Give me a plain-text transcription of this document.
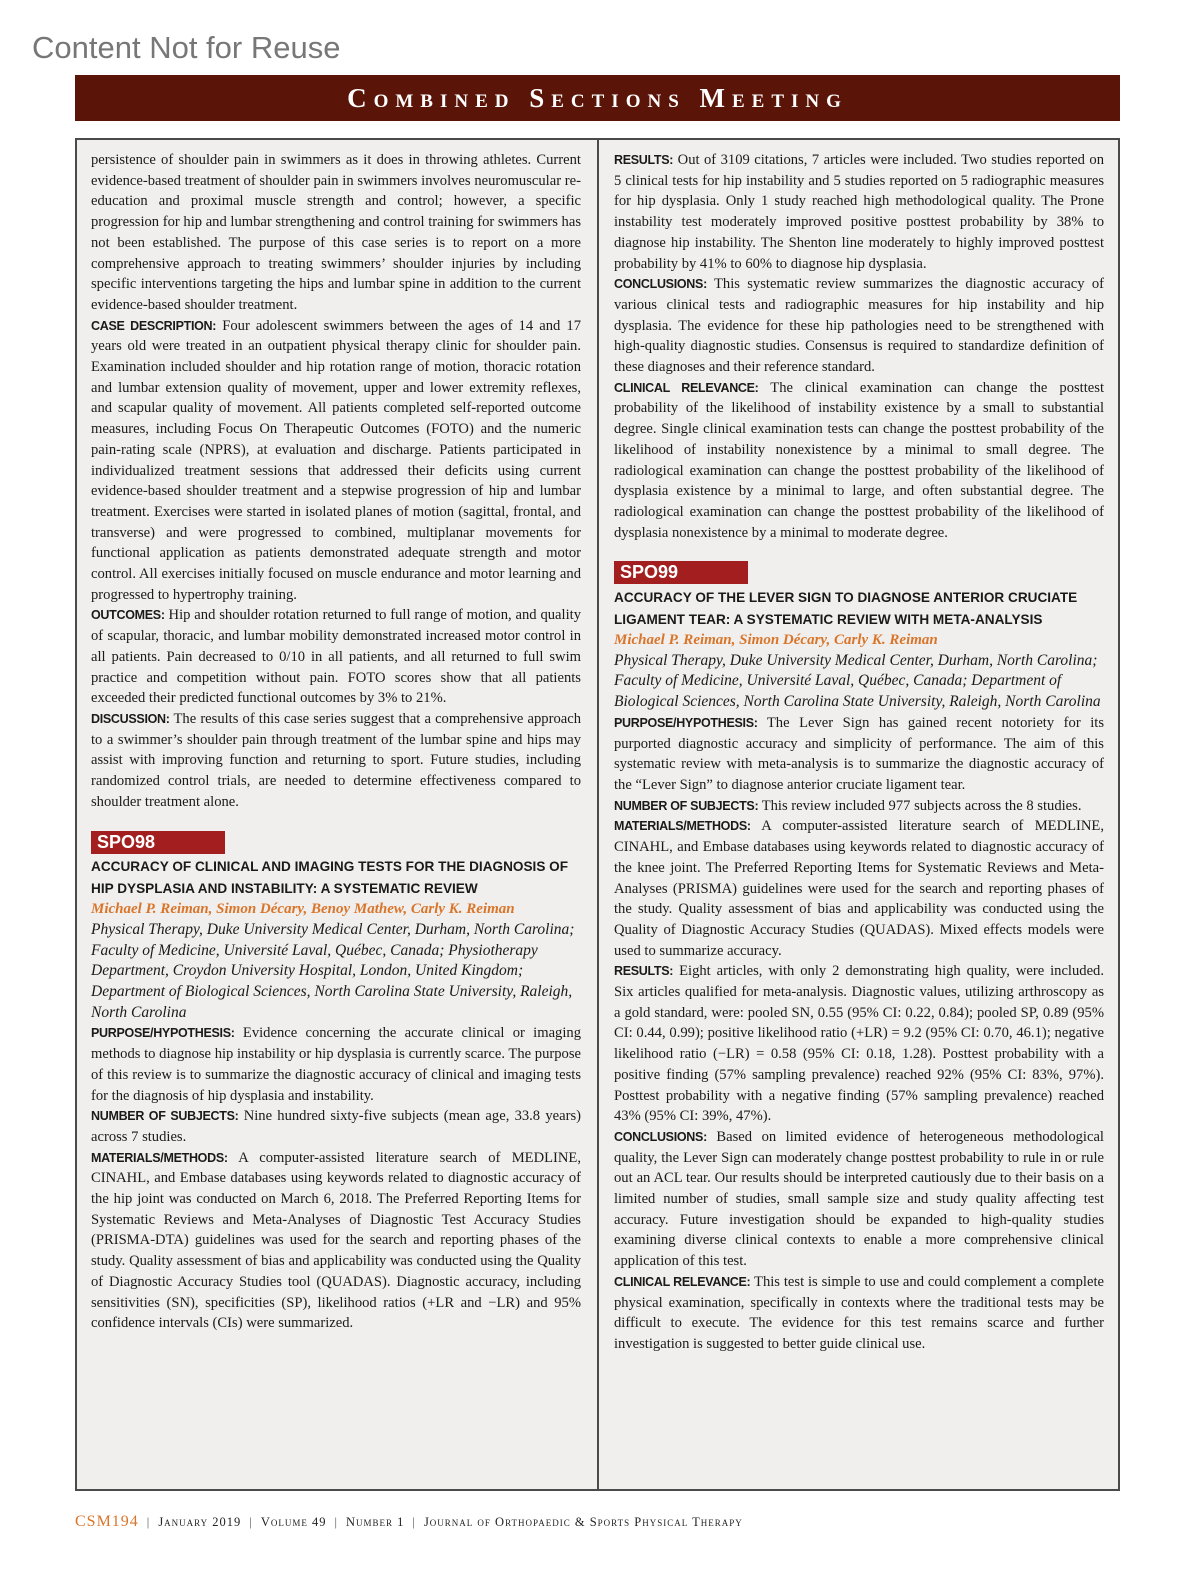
Content Not for Reuse
Combined Sections Meeting

persistence of shoulder pain in swimmers as it does in throwing athletes. Current evidence-based treatment of shoulder pain in swimmers involves neuromuscular re-education and proximal muscle strength and control; however, a specific progression for hip and lumbar strengthening and control training for swimmers has not been established. The purpose of this case series is to report on a more comprehensive approach to treating swimmers’ shoulder injuries by including specific interventions targeting the hips and lumbar spine in addition to the current evidence-based shoulder treatment.

CASE DESCRIPTION: Four adolescent swimmers between the ages of 14 and 17 years old were treated in an outpatient physical therapy clinic for shoulder pain. Examination included shoulder and hip rotation range of motion, thoracic rotation and lumbar extension quality of movement, upper and lower extremity reflexes, and scapular quality of movement. All patients completed self-reported outcome measures, including Focus On Therapeutic Outcomes (FOTO) and the numeric pain-rating scale (NPRS), at evaluation and discharge. Patients participated in individualized treatment sessions that addressed their deficits using current evidence-based shoulder treatment and a stepwise progression of hip and lumbar treatment. Exercises were started in isolated planes of motion (sagittal, frontal, and transverse) and were progressed to combined, multiplanar movements for functional application as patients demonstrated adequate strength and motor control. All exercises initially focused on muscle endurance and motor learning and progressed to hypertrophy training.

OUTCOMES: Hip and shoulder rotation returned to full range of motion, and quality of scapular, thoracic, and lumbar mobility demonstrated increased motor control in all patients. Pain decreased to 0/10 in all patients, and all returned to full swim practice and competition without pain. FOTO scores show that all patients exceeded their predicted functional outcomes by 3% to 21%.

DISCUSSION: The results of this case series suggest that a comprehensive approach to a swimmer’s shoulder pain through treatment of the lumbar spine and hips may assist with improving function and returning to sport. Future studies, including randomized control trials, are needed to determine effectiveness compared to shoulder treatment alone.

SPO98
ACCURACY OF CLINICAL AND IMAGING TESTS FOR THE DIAGNOSIS OF HIP DYSPLASIA AND INSTABILITY: A SYSTEMATIC REVIEW
Michael P. Reiman, Simon Décary, Benoy Mathew, Carly K. Reiman
Physical Therapy, Duke University Medical Center, Durham, North Carolina; Faculty of Medicine, Université Laval, Québec, Canada; Physiotherapy Department, Croydon University Hospital, London, United Kingdom; Department of Biological Sciences, North Carolina State University, Raleigh, North Carolina

PURPOSE/HYPOTHESIS: Evidence concerning the accurate clinical or imaging methods to diagnose hip instability or hip dysplasia is currently scarce. The purpose of this review is to summarize the diagnostic accuracy of clinical and imaging tests for the diagnosis of hip dysplasia and instability.

NUMBER OF SUBJECTS: Nine hundred sixty-five subjects (mean age, 33.8 years) across 7 studies.

MATERIALS/METHODS: A computer-assisted literature search of MEDLINE, CINAHL, and Embase databases using keywords related to diagnostic accuracy of the hip joint was conducted on March 6, 2018. The Preferred Reporting Items for Systematic Reviews and Meta-Analyses of Diagnostic Test Accuracy Studies (PRISMA-DTA) guidelines was used for the search and reporting phases of the study. Quality assessment of bias and applicability was conducted using the Quality of Diagnostic Accuracy Studies tool (QUADAS). Diagnostic accuracy, including sensitivities (SN), specificities (SP), likelihood ratios (+LR and −LR) and 95% confidence intervals (CIs) were summarized.

RESULTS: Out of 3109 citations, 7 articles were included. Two studies reported on 5 clinical tests for hip instability and 5 studies reported on 5 radiographic measures for hip dysplasia. Only 1 study reached high methodological quality. The Prone instability test moderately improved positive posttest probability by 38% to diagnose hip instability. The Shenton line moderately to highly improved posttest probability by 41% to 60% to diagnose hip dysplasia.

CONCLUSIONS: This systematic review summarizes the diagnostic accuracy of various clinical tests and radiographic measures for hip instability and hip dysplasia. The evidence for these hip pathologies need to be strengthened with high-quality diagnostic studies. Consensus is required to standardize definition of these diagnoses and their reference standard.

CLINICAL RELEVANCE: The clinical examination can change the posttest probability of the likelihood of instability existence by a small to substantial degree. Single clinical examination tests can change the posttest probability of the likelihood of instability nonexistence by a minimal to small degree. The radiological examination can change the posttest probability of the likelihood of dysplasia existence by a minimal to large, and often substantial degree. The radiological examination can change the posttest probability of the likelihood of dysplasia nonexistence by a minimal to moderate degree.

SPO99
ACCURACY OF THE LEVER SIGN TO DIAGNOSE ANTERIOR CRUCIATE LIGAMENT TEAR: A SYSTEMATIC REVIEW WITH META-ANALYSIS
Michael P. Reiman, Simon Décary, Carly K. Reiman
Physical Therapy, Duke University Medical Center, Durham, North Carolina; Faculty of Medicine, Université Laval, Québec, Canada; Department of Biological Sciences, North Carolina State University, Raleigh, North Carolina

PURPOSE/HYPOTHESIS: The Lever Sign has gained recent notoriety for its purported diagnostic accuracy and simplicity of performance. The aim of this systematic review with meta-analysis is to summarize the diagnostic accuracy of the “Lever Sign” to diagnose anterior cruciate ligament tear.

NUMBER OF SUBJECTS: This review included 977 subjects across the 8 studies.

MATERIALS/METHODS: A computer-assisted literature search of MEDLINE, CINAHL, and Embase databases using keywords related to diagnostic accuracy of the knee joint. The Preferred Reporting Items for Systematic Reviews and Meta-Analyses (PRISMA) guidelines were used for the search and reporting phases of the study. Quality assessment of bias and applicability was conducted using the Quality of Diagnostic Accuracy Studies (QUADAS). Mixed effects models were used to summarize accuracy.

RESULTS: Eight articles, with only 2 demonstrating high quality, were included. Six articles qualified for meta-analysis. Diagnostic values, utilizing arthroscopy as a gold standard, were: pooled SN, 0.55 (95% CI: 0.22, 0.84); pooled SP, 0.89 (95% CI: 0.44, 0.99); positive likelihood ratio (+LR) = 9.2 (95% CI: 0.70, 46.1); negative likelihood ratio (−LR) = 0.58 (95% CI: 0.18, 1.28). Posttest probability with a positive finding (57% sampling prevalence) reached 92% (95% CI: 83%, 97%). Posttest probability with a negative finding (57% sampling prevalence) reached 43% (95% CI: 39%, 47%).

CONCLUSIONS: Based on limited evidence of heterogeneous methodological quality, the Lever Sign can moderately change posttest probability to rule in or rule out an ACL tear. Our results should be interpreted cautiously due to their basis on a limited number of studies, small sample size and study quality affecting test accuracy. Future investigation should be expanded to high-quality studies examining diverse clinical contexts to enable a more comprehensive clinical application of this test.

CLINICAL RELEVANCE: This test is simple to use and could complement a complete physical examination, specifically in contexts where the traditional tests may be difficult to execute. The evidence for this test remains scarce and further investigation is suggested to better guide clinical use.

CSM194 | January 2019 | Volume 49 | Number 1 | Journal of Orthopaedic & Sports Physical Therapy
